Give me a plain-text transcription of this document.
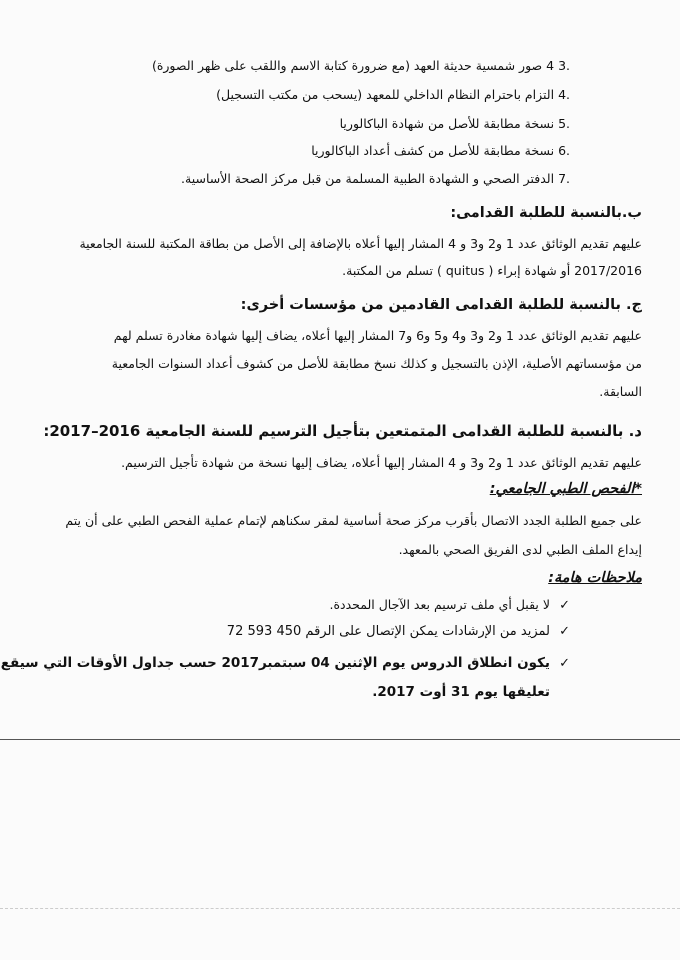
.3 4 صور شمسية حديثة العهد (مع ضرورة كتابة الاسم واللقب على ظهر الصورة)
.4 التزام باحترام النظام الداخلي للمعهد (يسحب من مكتب التسجيل)
.5 نسخة مطابقة للأصل من شهادة الباكالوريا
.6 نسخة مطابقة للأصل من كشف أعداد الباكالوريا
.7 الدفتر الصحي و الشهادة الطبية المسلمة من قبل مركز الصحة الأساسية.
ب.بالنسبة للطلبة القدامى:
عليهم تقديم الوثائق عدد 1 و2 و3 و 4 المشار إليها أعلاه بالإضافة إلى الأصل من بطاقة المكتبة للسنة الجامعية
2017/2016 أو شهادة إبراء ( quitus ) تسلم من المكتبة.
ج. بالنسبة للطلبة القدامى القادمين من مؤسسات أخرى:
عليهم تقديم الوثائق عدد 1 و2 و3 و4 و5 و6 و7 المشار إليها أعلاه، يضاف إليها شهادة مغادرة تسلم لهم
من مؤسساتهم الأصلية، الإذن بالتسجيل و كذلك نسخ مطابقة للأصل من كشوف أعداد السنوات الجامعية
السابقة.
د. بالنسبة للطلبة القدامى المتمتعين بتأجيل الترسيم للسنة الجامعية 2016–2017:
عليهم تقديم الوثائق عدد 1 و2 و3 و 4 المشار إليها أعلاه، يضاف إليها نسخة من شهادة تأجيل الترسيم.
*الفحص الطبي الجامعي:
على جميع الطلبة الجدد الاتصال بأقرب مركز صحة أساسية لمقر سكناهم لإتمام عملية الفحص الطبي على أن يتم
إيداع الملف الطبي لدى الفريق الصحي بالمعهد.
ملاحظات هامة:
✓لا يقبل أي ملف ترسيم بعد الآجال المحددة.
✓لمزيد من الإرشادات يمكن الإتصال على الرقم 450 593 72
✓يكون انطلاق الدروس يوم الإثنين 04 سبتمبر2017 حسب جداول الأوقات التي سيقع
تعليقها يوم 31 أوت 2017.
